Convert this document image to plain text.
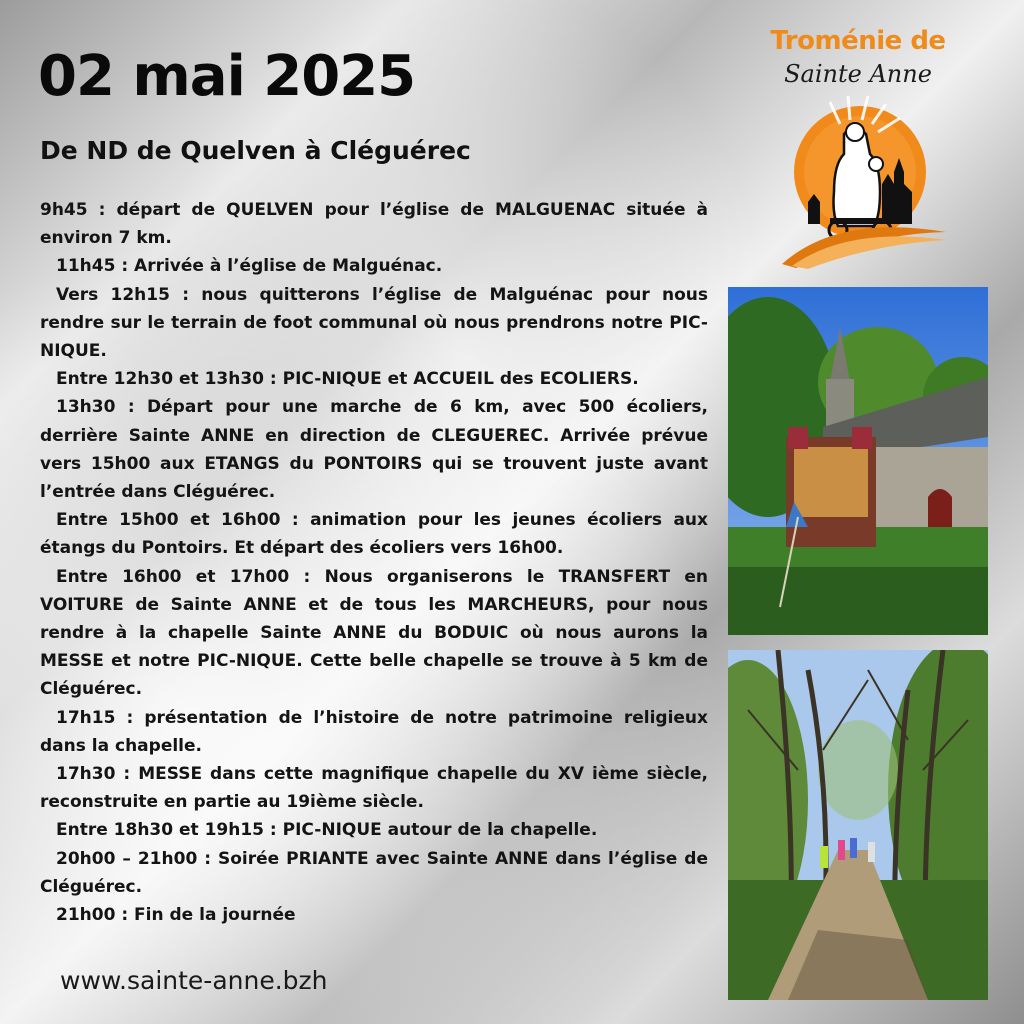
02 mai 2025
De ND de Quelven à Cléguérec
Troménie de
Sainte Anne

9h45 : départ de QUELVEN pour l’église de MALGUENAC située à environ 7 km.

11h45 : Arrivée à l’église de Malguénac.

Vers 12h15 : nous quitterons l’église de Malguénac pour nous rendre sur le terrain de foot communal où nous prendrons notre PIC-NIQUE.

Entre 12h30 et 13h30 : PIC-NIQUE et ACCUEIL des ECOLIERS.

13h30 : Départ pour une marche de 6 km, avec 500 écoliers, derrière Sainte ANNE en direction de CLEGUEREC. Arrivée prévue vers 15h00 aux ETANGS du PONTOIRS qui se trouvent juste avant l’entrée dans Cléguérec.

Entre 15h00 et 16h00 : animation pour les jeunes écoliers aux étangs du Pontoirs. Et départ des écoliers vers 16h00.

Entre 16h00 et 17h00 : Nous organiserons le TRANSFERT en VOITURE de Sainte ANNE et de tous les MARCHEURS, pour nous rendre à la chapelle Sainte ANNE du BODUIC où nous aurons la MESSE et notre PIC-NIQUE. Cette belle chapelle se trouve à 5 km de Cléguérec.

17h15 : présentation de l’histoire de notre patrimoine religieux dans la chapelle.

17h30 : MESSE dans cette magnifique chapelle du XV ième siècle, reconstruite en partie au 19ième siècle.

Entre 18h30 et 19h15 : PIC-NIQUE autour de la chapelle.

20h00 – 21h00 : Soirée PRIANTE avec Sainte ANNE dans l’église de Cléguérec.

21h00 : Fin de la journée

www.sainte-anne.bzh
